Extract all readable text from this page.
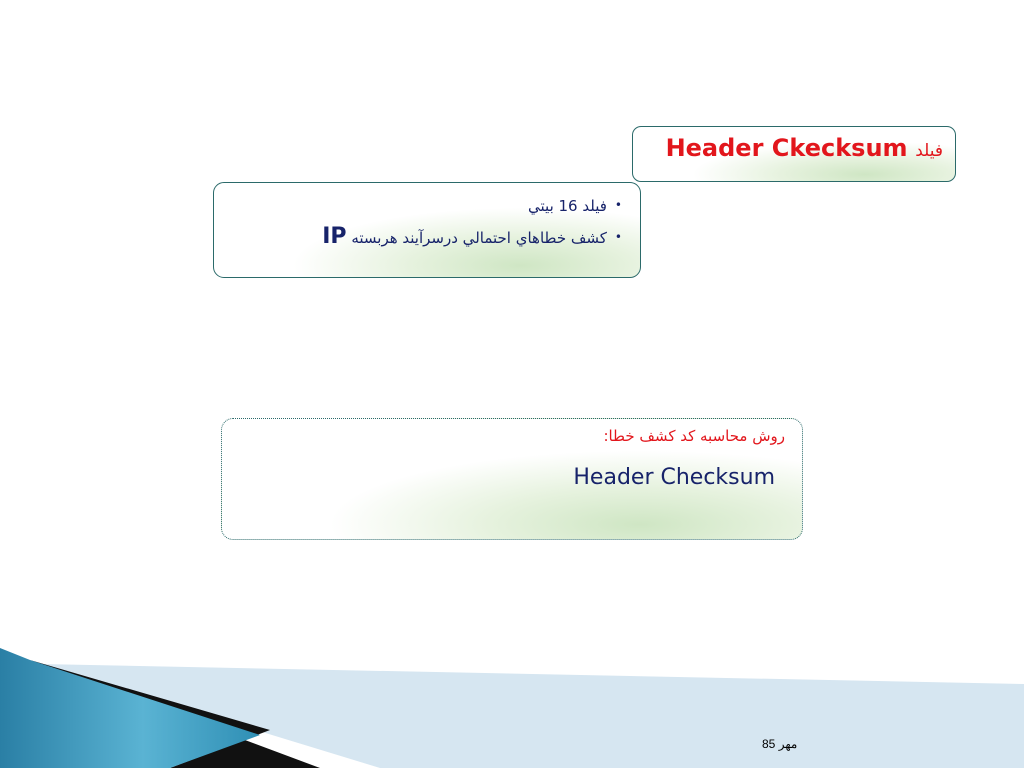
فیلد Header Ckecksum
•فیلد 16 بیتي
•کشف خطاهاي احتمالي درسرآیند هربسته IP

روش محاسبه کد کشف خطا:

Header Checksum

مهر 85
